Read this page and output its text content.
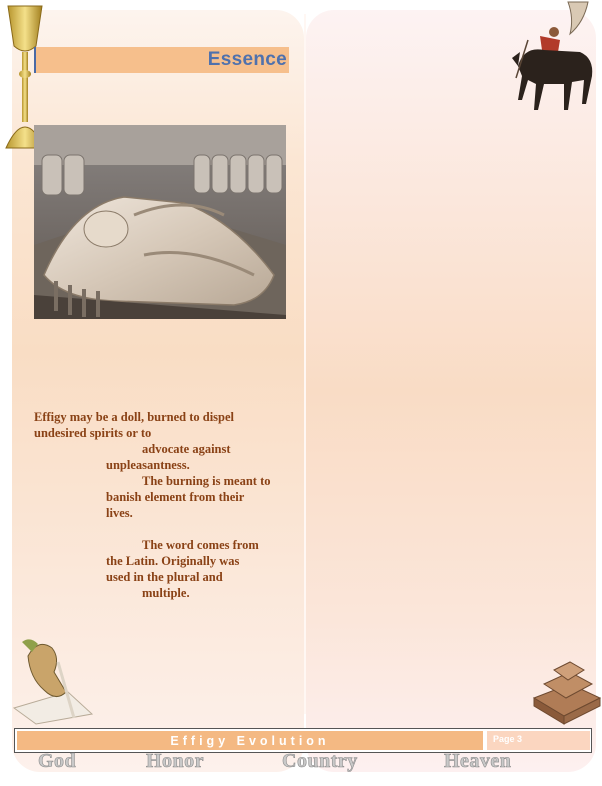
Essence
Effigy may be a doll, burned to dispel
undesired spirits or to
advocate against
unpleasantness.
The burning is meant to
banish element from their
lives.
The word comes from
the Latin. Originally was
used in the plural and
multiple.
Effigy Evolution	Page 3
God	Honor	Country	Heaven
